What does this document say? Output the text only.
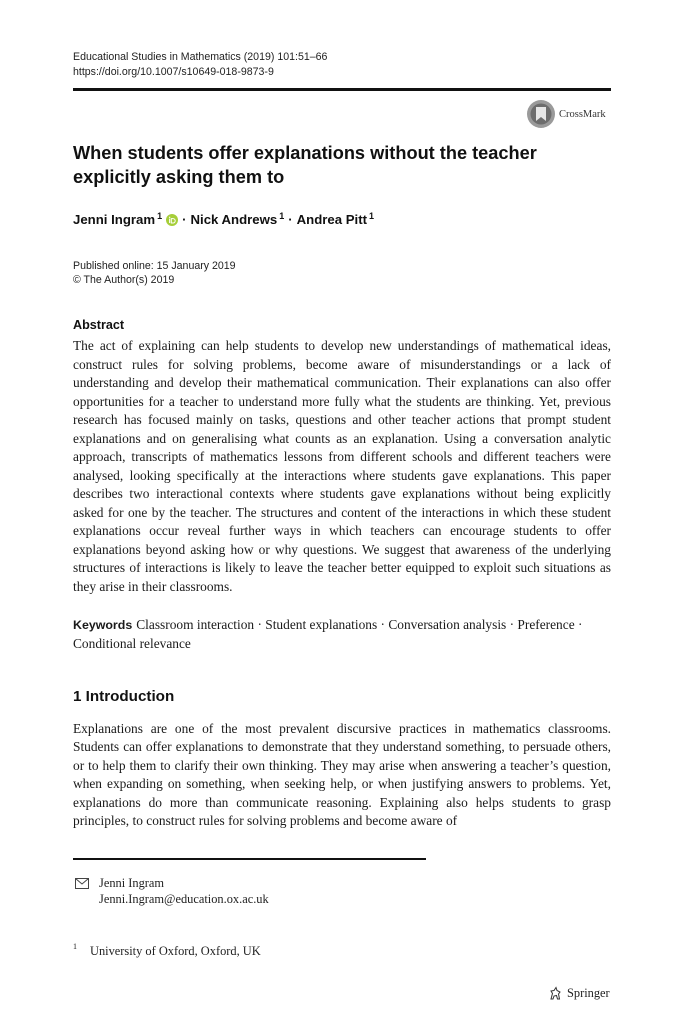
Educational Studies in Mathematics (2019) 101:51–66
https://doi.org/10.1007/s10649-018-9873-9
CrossMark
When students offer explanations without the teacher explicitly asking them to
Jenni Ingram$^1$ · Nick Andrews$^1$ · Andrea Pitt$^1$
Published online: 15 January 2019
© The Author(s) 2019
Abstract

The act of explaining can help students to develop new understandings of mathematical ideas, construct rules for solving problems, become aware of misunderstandings or a lack of understanding and develop their mathematical communication. Their explanations can also offer opportunities for a teacher to understand more fully what the students are thinking. Yet, previous research has focused mainly on tasks, questions and other teacher actions that prompt student explanations and on generalising what counts as an explanation. Using a conversation analytic approach, transcripts of mathematics lessons from different schools and different teachers were analysed, looking specifically at the interactions where students gave explanations. This paper describes two interactional contexts where students gave explanations without being explicitly asked for one by the teacher. The structures and content of the interactions in which these student explanations occur reveal further ways in which teachers can encourage students to offer explanations beyond asking how or why questions. We suggest that awareness of the underlying structures of interactions is likely to leave the teacher better equipped to exploit such situations as they arise in their classrooms.

Keywords Classroom interaction · Student explanations · Conversation analysis · Preference · Conditional relevance

1 Introduction

Explanations are one of the most prevalent discursive practices in mathematics classrooms. Students can offer explanations to demonstrate that they understand something, to persuade others, or to help them to clarify their own thinking. They may arise when answering a teacher’s question, when expanding on something, when seeking help, or when justifying answers to problems. Yet, explanations do more than communicate reasoning. Explaining also helps students to grasp principles, to construct rules for solving problems and become aware of

Jenni Ingram
Jenni.Ingram@education.ox.ac.uk
$^1$ University of Oxford, Oxford, UK
Springer
